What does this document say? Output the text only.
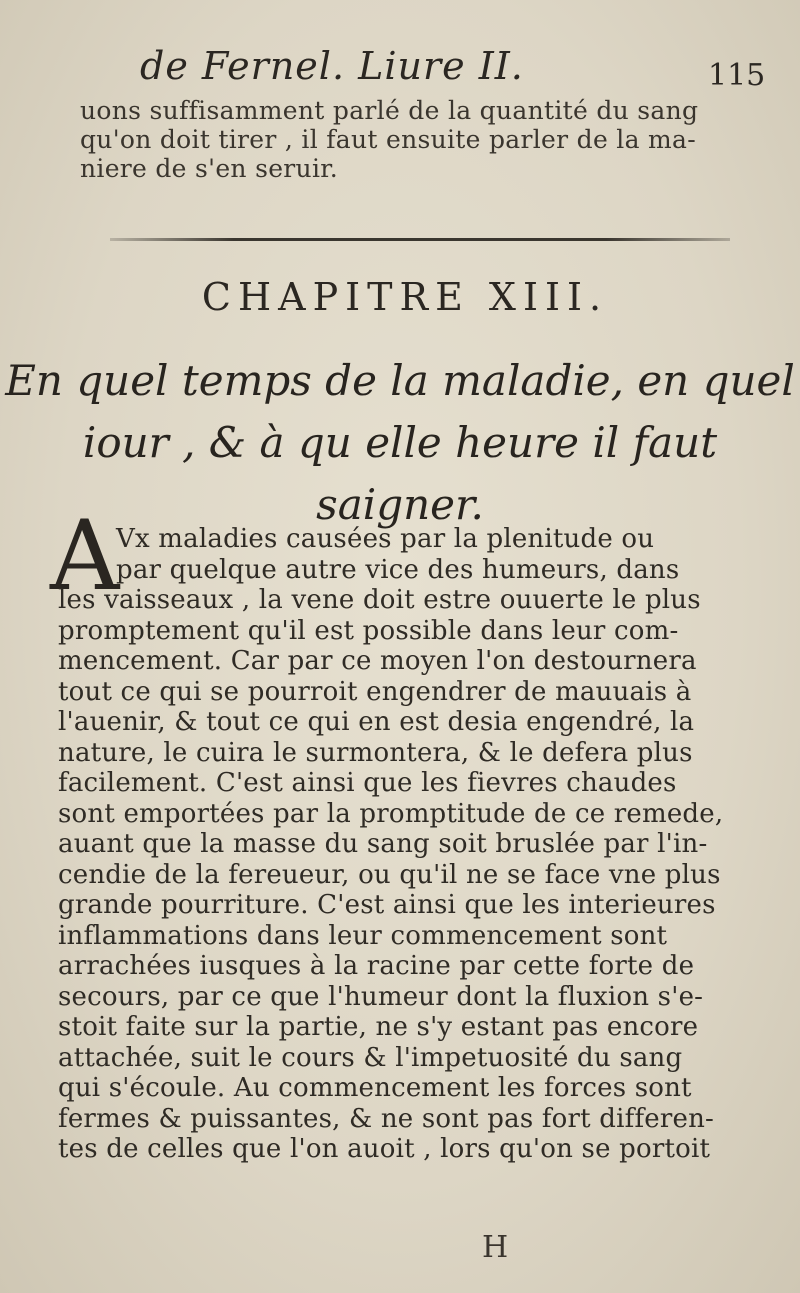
de Fernel. Liure II.	115
uons suffisamment parlé de la quantité du sang
qu'on doit tirer , il faut ensuite parler de la ma-
niere de s'en seruir.
CHAPITRE XIII.
En quel temps de la maladie, en quel
iour , & à qu elle heure il faut
saigner.
A
Vx maladies causées par la plenitude ou
par quelque autre vice des humeurs, dans
les vaisseaux , la vene doit estre ouuerte le plus
promptement qu'il est possible dans leur com-
mencement. Car par ce moyen l'on destournera
tout ce qui se pourroit engendrer de mauuais à
l'auenir, & tout ce qui en est desia engendré, la
nature, le cuira le surmontera, & le defera plus
facilement. C'est ainsi que les fievres chaudes
sont emportées par la promptitude de ce remede,
auant que la masse du sang soit bruslée par l'in-
cendie de la fereueur, ou qu'il ne se face vne plus
grande pourriture. C'est ainsi que les interieures
inflammations dans leur commencement sont
arrachées iusques à la racine par cette forte de
secours, par ce que l'humeur dont la fluxion s'e-
stoit faite sur la partie, ne s'y estant pas encore
attachée, suit le cours & l'impetuosité du sang
qui s'écoule. Au commencement les forces sont
fermes & puissantes, & ne sont pas fort differen-
tes de celles que l'on auoit , lors qu'on se portoit
H
